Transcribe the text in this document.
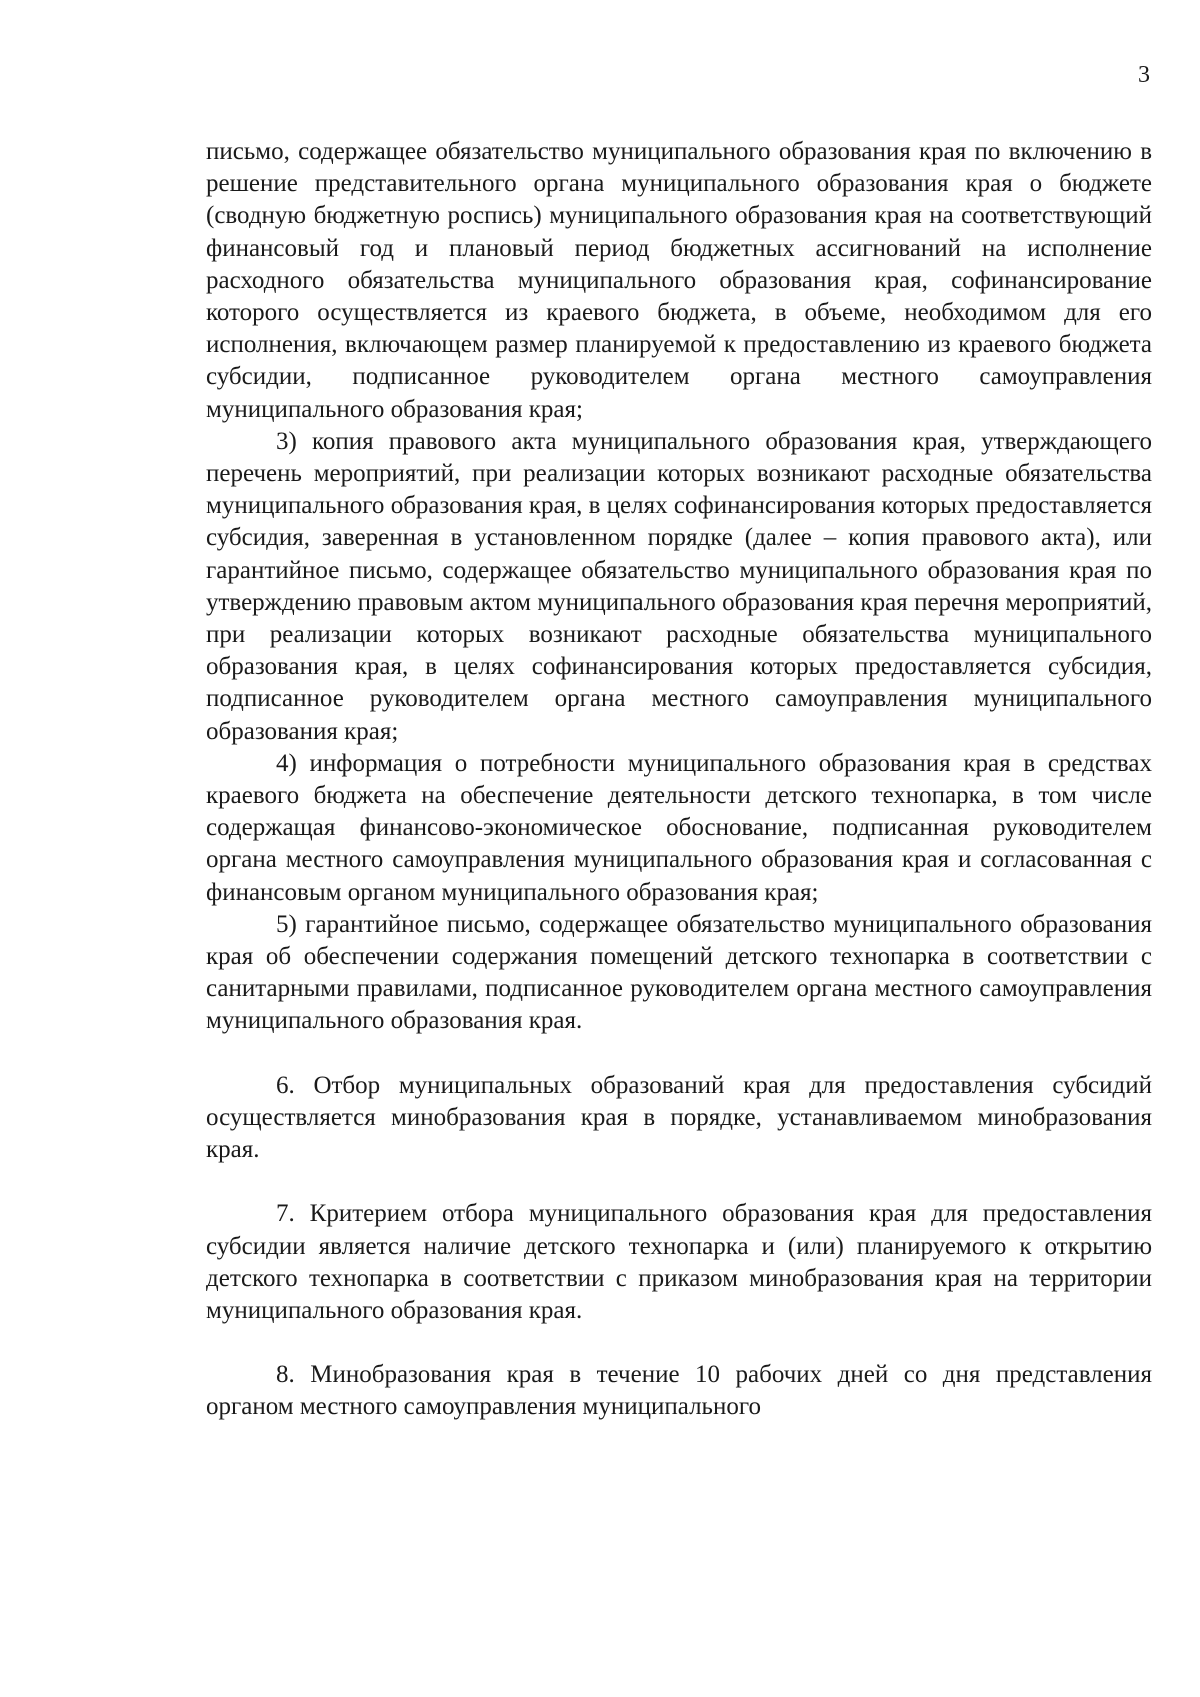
3

письмо, содержащее обязательство муниципального образования края по включению в решение представительного органа муниципального образования края о бюджете (сводную бюджетную роспись) муниципального образования края на соответствующий финансовый год и плановый период бюджетных ассигнований на исполнение расходного обязательства муниципального образования края, софинансирование которого осуществляется из краевого бюджета, в объеме, необходимом для его исполнения, включающем размер планируемой к предоставлению из краевого бюджета субсидии, подписанное руководителем органа местного самоуправления муниципального образования края;

3) копия правового акта муниципального образования края, утверждающего перечень мероприятий, при реализации которых возникают расходные обязательства муниципального образования края, в целях софинансирования которых предоставляется субсидия, заверенная в установленном порядке (далее – копия правового акта), или гарантийное письмо, содержащее обязательство муниципального образования края по утверждению правовым актом муниципального образования края перечня мероприятий, при реализации которых возникают расходные обязательства муниципального образования края, в целях софинансирования которых предоставляется субсидия, подписанное руководителем органа местного самоуправления муниципального образования края;

4) информация о потребности муниципального образования края в средствах краевого бюджета на обеспечение деятельности детского технопарка, в том числе содержащая финансово-экономическое обоснование, подписанная руководителем органа местного самоуправления муниципального образования края и согласованная с финансовым органом муниципального образования края;

5) гарантийное письмо, содержащее обязательство муниципального образования края об обеспечении содержания помещений детского технопарка в соответствии с санитарными правилами, подписанное руководителем органа местного самоуправления муниципального образования края.

6. Отбор муниципальных образований края для предоставления субсидий осуществляется минобразования края в порядке, устанавливаемом минобразования края.

7. Критерием отбора муниципального образования края для предоставления субсидии является наличие детского технопарка и (или) планируемого к открытию детского технопарка в соответствии с приказом минобразования края на территории муниципального образования края.

8. Минобразования края в течение 10 рабочих дней со дня представления органом местного самоуправления муниципального
